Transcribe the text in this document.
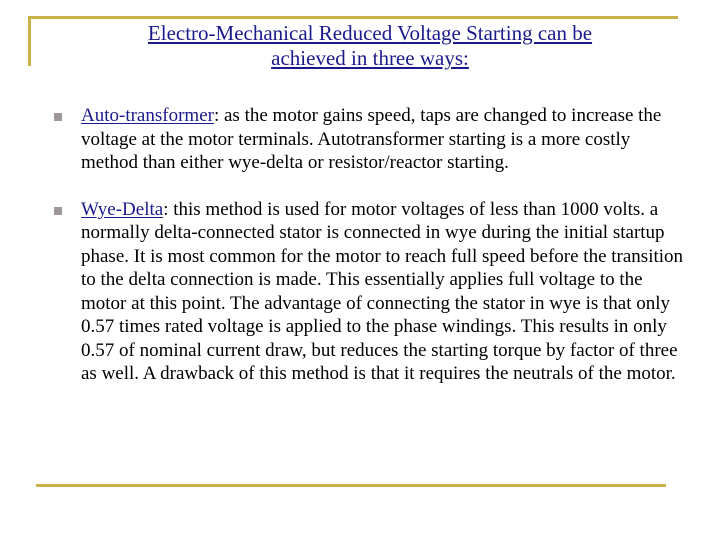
Electro-Mechanical Reduced Voltage Starting can be
achieved in three ways:
Auto-transformer: as the motor gains speed, taps are changed to increase the voltage at the motor terminals. Autotransformer starting is a more costly method than either wye-delta or resistor/reactor starting.
Wye-Delta: this method is used for motor voltages of less than 1000 volts. a normally delta-connected stator is connected in wye during the initial startup phase. It is most common for the motor to reach full speed before the transition to the delta connection is made. This essentially applies full voltage to the motor at this point. The advantage of connecting the stator in wye is that only 0.57 times rated voltage is applied to the phase windings. This results in only 0.57 of nominal current draw, but reduces the starting torque by factor of three as well. A drawback of this method is that it requires the neutrals of the motor.
